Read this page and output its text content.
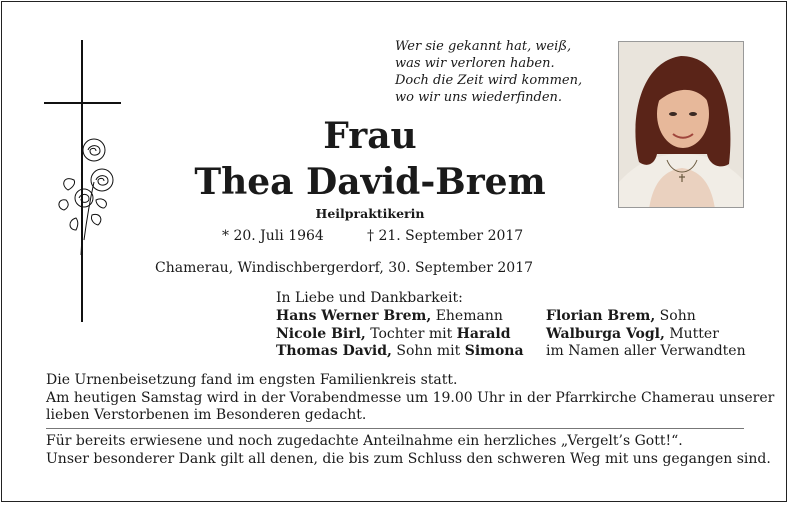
Wer sie gekannt hat, weiß,
was wir verloren haben.
Doch die Zeit wird kommen,
wo wir uns wiederfinden.
Frau
Thea David-Brem
Heilpraktikerin
* 20. Juli 1964	† 21. September 2017
Chamerau, Windischbergerdorf, 30. September 2017
In Liebe und Dankbarkeit:
Hans Werner Brem, Ehemann
Nicole Birl, Tochter mit Harald
Thomas David, Sohn mit Simona
Florian Brem, Sohn
Walburga Vogl, Mutter
im Namen aller Verwandten
Die Urnenbeisetzung fand im engsten Familienkreis statt.
Am heutigen Samstag wird in der Vorabendmesse um 19.00 Uhr in der Pfarrkirche Chamerau unserer
lieben Verstorbenen im Besonderen gedacht.
Für bereits erwiesene und noch zugedachte Anteilnahme ein herzliches „Vergelt’s Gott!“.
Unser besonderer Dank gilt all denen, die bis zum Schluss den schweren Weg mit uns gegangen sind.
